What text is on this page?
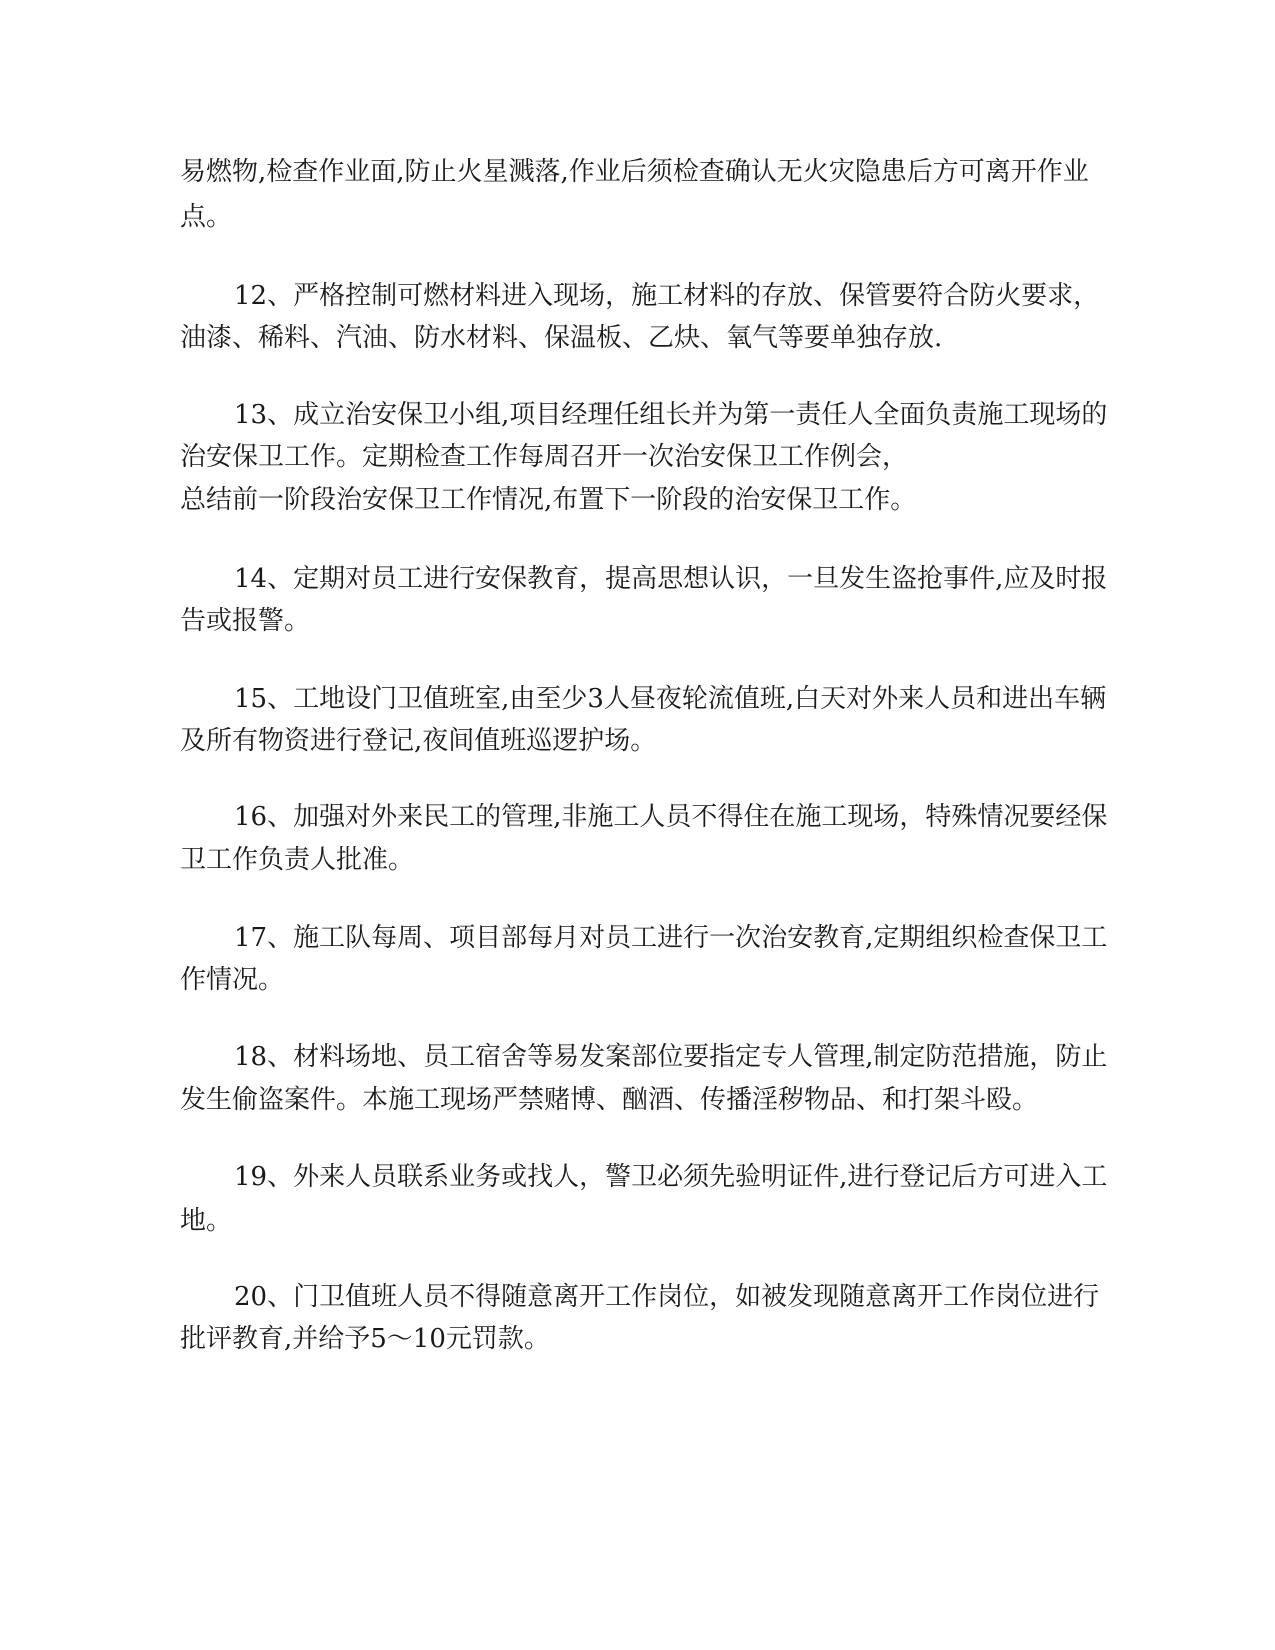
易燃物,检查作业面,防止火星溅落,作业后须检查确认无火灾隐患后方可离开作业
点。
12、严格控制可燃材料进入现场，施工材料的存放、保管要符合防火要求，
油漆、稀料、汽油、防水材料、保温板、乙炔、氧气等要单独存放.
13、成立治安保卫小组,项目经理任组长并为第一责任人全面负责施工现场的
治安保卫工作。定期检查工作每周召开一次治安保卫工作例会，
总结前一阶段治安保卫工作情况,布置下一阶段的治安保卫工作。
14、定期对员工进行安保教育，提高思想认识，一旦发生盗抢事件,应及时报
告或报警。
15、工地设门卫值班室,由至少3人昼夜轮流值班,白天对外来人员和进出车辆
及所有物资进行登记,夜间值班巡逻护场。
16、加强对外来民工的管理,非施工人员不得住在施工现场，特殊情况要经保
卫工作负责人批准。
17、施工队每周、项目部每月对员工进行一次治安教育,定期组织检查保卫工
作情况。
18、材料场地、员工宿舍等易发案部位要指定专人管理,制定防范措施，防止
发生偷盗案件。本施工现场严禁赌博、酗酒、传播淫秽物品、和打架斗殴。
19、外来人员联系业务或找人，警卫必须先验明证件,进行登记后方可进入工
地。
20、门卫值班人员不得随意离开工作岗位，如被发现随意离开工作岗位进行
批评教育,并给予5～10元罚款。
